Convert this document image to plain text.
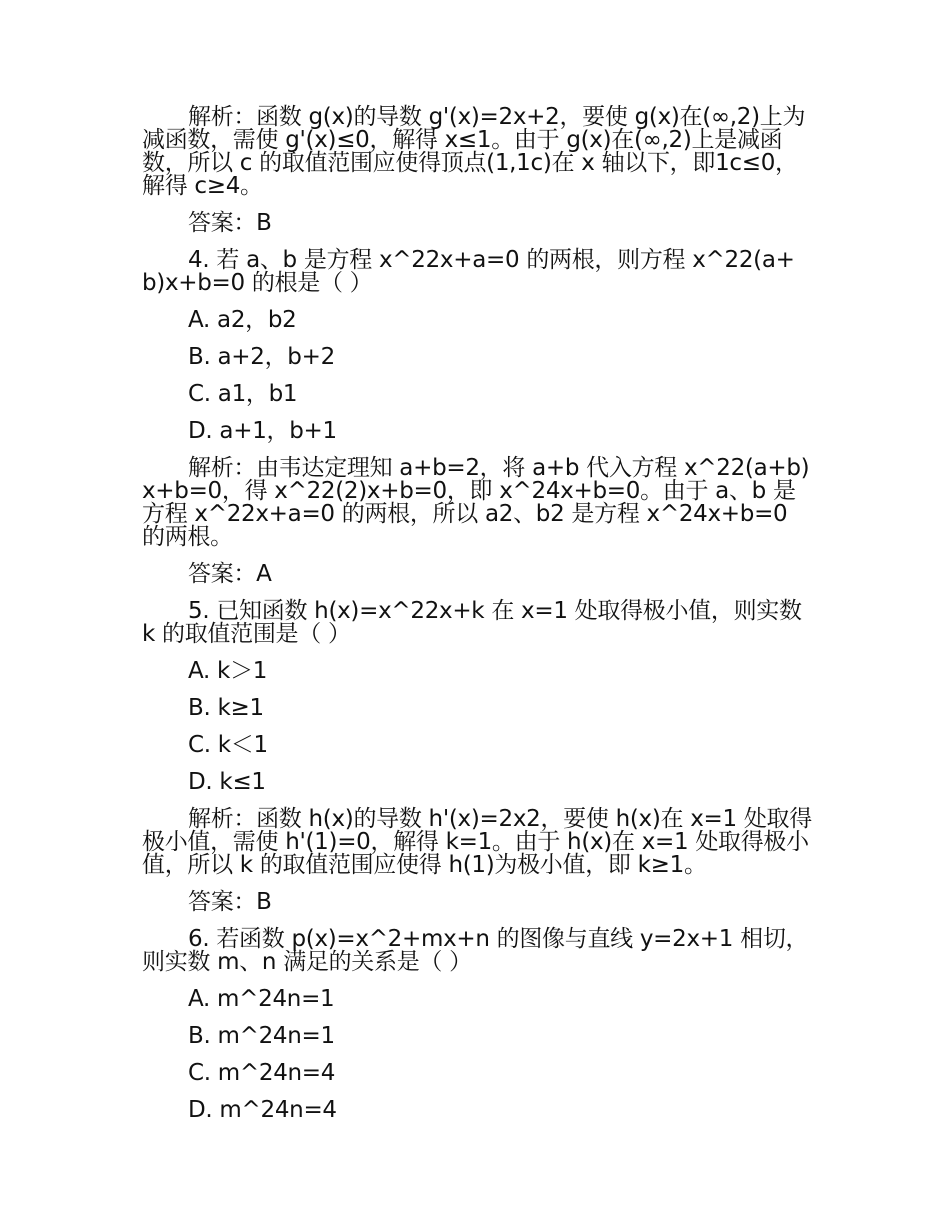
解析：函数 g(x)的导数 g'(x)=2x+2，要使 g(x)在(∞,2)上为减函数，需使 g'(x)≤0，解得 x≤1。由于 g(x)在(∞,2)上是减函数，所以 c 的取值范围应使得顶点(1,1c)在 x 轴以下，即1c≤0，解得 c≥4。

答案：B

4. 若 a、b 是方程 x^22x+a=0 的两根，则方程 x^22(a+b)x+b=0 的根是（ ）

A. a2，b2

B. a+2，b+2

C. a1，b1

D. a+1，b+1

解析：由韦达定理知 a+b=2，将 a+b 代入方程 x^22(a+b)x+b=0，得 x^22(2)x+b=0，即 x^24x+b=0。由于 a、b 是方程 x^22x+a=0 的两根，所以 a2、b2 是方程 x^24x+b=0 的两根。

答案：A

5. 已知函数 h(x)=x^22x+k 在 x=1 处取得极小值，则实数 k 的取值范围是（ ）

A. k＞1

B. k≥1

C. k＜1

D. k≤1

解析：函数 h(x)的导数 h'(x)=2x2，要使 h(x)在 x=1 处取得极小值，需使 h'(1)=0，解得 k=1。由于 h(x)在 x=1 处取得极小值，所以 k 的取值范围应使得 h(1)为极小值，即 k≥1。

答案：B

6. 若函数 p(x)=x^2+mx+n 的图像与直线 y=2x+1 相切，则实数 m、n 满足的关系是（ ）

A. m^24n=1

B. m^24n=1

C. m^24n=4

D. m^24n=4
